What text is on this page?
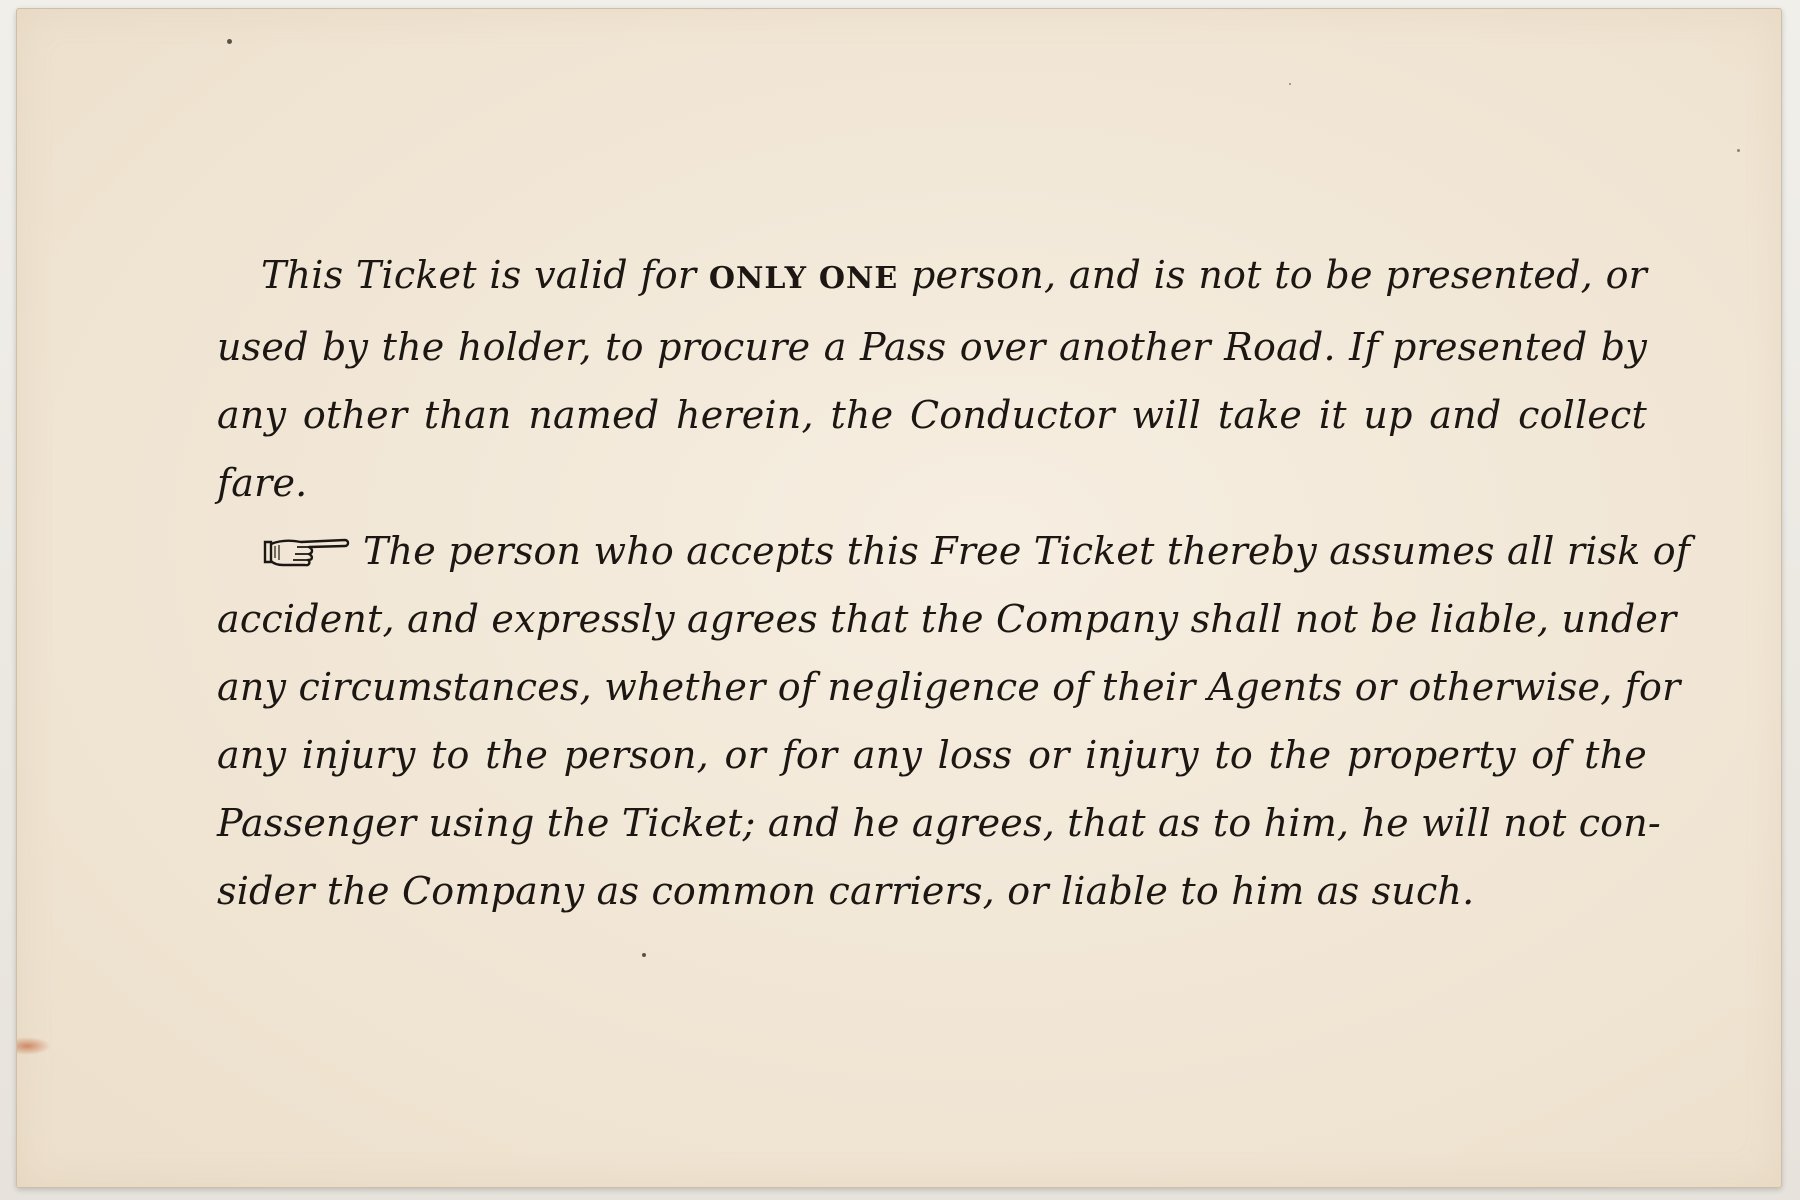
This Ticket is valid for ONLY ONE person, and is not to be presented, or
used by the holder, to procure a Pass over another Road. If presented by
any other than named herein, the Conductor will take it up and collect
fare.

The person who accepts this Free Ticket thereby assumes all risk of
accident, and expressly agrees that the Company shall not be liable, under
any circumstances, whether of negligence of their Agents or otherwise, for
any injury to the person, or for any loss or injury to the property of the
Passenger using the Ticket; and he agrees, that as to him, he will not con-
sider the Company as common carriers, or liable to him as such.
